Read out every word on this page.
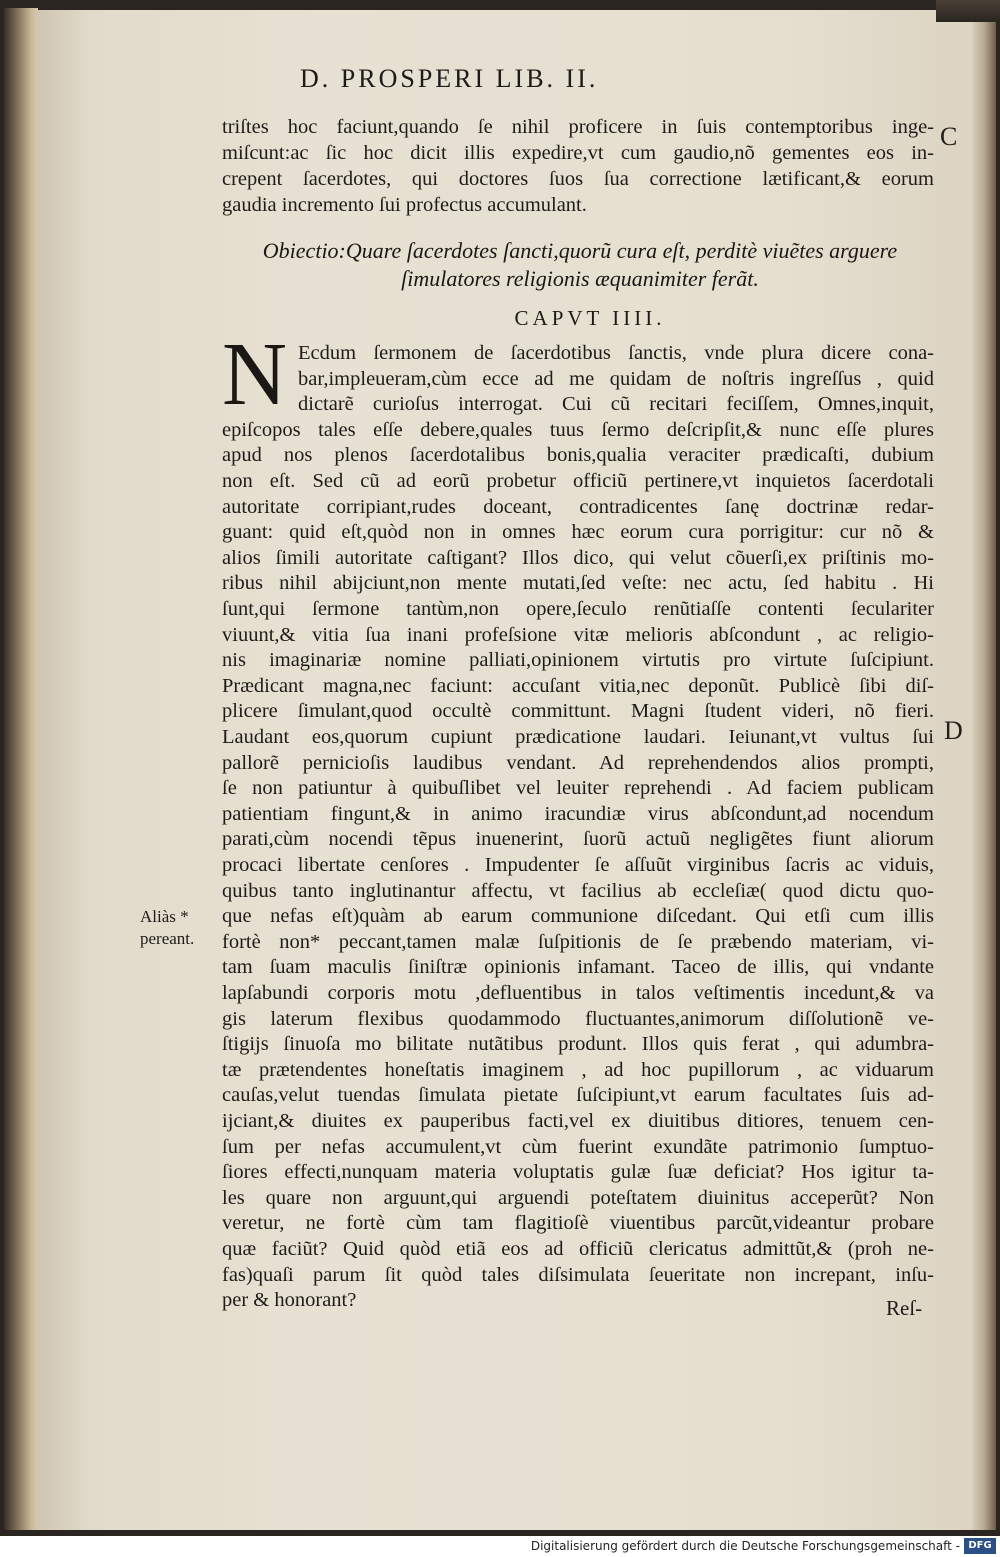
D. PROSPERI LIB. II.
C
D
triſtes hoc faciunt,quando ſe nihil proficere in ſuis contemptoribus inge-
miſcunt:ac ſic hoc dicit illis expedire,vt cum gaudio,nõ gementes eos in-
crepent ſacerdotes, qui doctores ſuos ſua correctione lætificant,& eorum
gaudia incremento ſui profectus accumulant.
Obiectio:Quare ſacerdotes ſancti,quorũ cura eſt, perditè viuẽtes arguere
ſimulatores religionis æquanimiter ferãt.
CAPVT IIII.
N Ecdum ſermonem de ſacerdotibus ſanctis, vnde plura dicere cona-
bar,impleueram,cùm ecce ad me quidam de noſtris ingreſſus , quid
dictarẽ curioſus interrogat. Cui cũ recitari feciſſem, Omnes,inquit,
epiſcopos tales eſſe debere,quales tuus ſermo deſcripſit,& nunc eſſe plures
apud nos plenos ſacerdotalibus bonis,qualia veraciter prædicaſti, dubium
non eſt. Sed cũ ad eorũ probetur officiũ pertinere,vt inquietos ſacerdotali
autoritate corripiant,rudes doceant, contradicentes ſanę doctrinæ redar-
guant: quid eſt,quòd non in omnes hæc eorum cura porrigitur: cur nõ &
alios ſimili autoritate caſtigant? Illos dico, qui velut cõuerſi,ex priſtinis mo-
ribus nihil abijciunt,non mente mutati,ſed veſte: nec actu, ſed habitu . Hi
ſunt,qui ſermone tantùm,non opere,ſeculo renũtiaſſe contenti ſeculariter
viuunt,& vitia ſua inani profeſsione vitæ melioris abſcondunt , ac religio-
nis imaginariæ nomine palliati,opinionem virtutis pro virtute ſuſcipiunt.
Prædicant magna,nec faciunt: accuſant vitia,nec deponũt. Publicè ſibi diſ-
plicere ſimulant,quod occultè committunt. Magni ſtudent videri, nõ fieri.
Laudant eos,quorum cupiunt prædicatione laudari. Ieiunant,vt vultus ſui
pallorẽ pernicioſis laudibus vendant. Ad reprehendendos alios prompti,
ſe non patiuntur à quibuſlibet vel leuiter reprehendi . Ad faciem publicam
patientiam fingunt,& in animo iracundiæ virus abſcondunt,ad nocendum
parati,cùm nocendi tẽpus inuenerint, ſuorũ actuũ negligẽtes fiunt aliorum
procaci libertate cenſores . Impudenter ſe aſſuũt virginibus ſacris ac viduis,
quibus tanto inglutinantur affectu, vt facilius ab eccleſiæ( quod dictu quo-
que nefas eſt)quàm ab earum communione diſcedant. Qui etſi cum illis
fortè non* peccant,tamen malæ ſuſpitionis de ſe præbendo materiam, vi-
tam ſuam maculis ſiniſtræ opinionis infamant. Taceo de illis, qui vndante
lapſabundi corporis motu ,defluentibus in talos veſtimentis incedunt,& va
gis laterum flexibus quodammodo fluctuantes,animorum diſſolutionẽ ve-
ſtigijs ſinuoſa mo bilitate nutãtibus produnt. Illos quis ferat , qui adumbra-
tæ prætendentes honeſtatis imaginem , ad hoc pupillorum , ac viduarum
cauſas,velut tuendas ſimulata pietate ſuſcipiunt,vt earum facultates ſuis ad-
ijciant,& diuites ex pauperibus facti,vel ex diuitibus ditiores, tenuem cen-
ſum per nefas accumulent,vt cùm fuerint exundãte patrimonio ſumptuo-
ſiores effecti,nunquam materia voluptatis gulæ ſuæ deficiat? Hos igitur ta-
les quare non arguunt,qui arguendi poteſtatem diuinitus acceperũt? Non
veretur, ne fortè cùm tam flagitioſè viuentibus parcũt,videantur probare
quæ faciũt? Quid quòd etiã eos ad officiũ clericatus admittũt,& (proh ne-
fas)quaſi parum ſit quòd tales diſsimulata ſeueritate non increpant, inſu-
per & honorant?
Aliàs *
pereant.
Reſ-
Digitalisierung gefördert durch die Deutsche Forschungsgemeinschaft - DFG
